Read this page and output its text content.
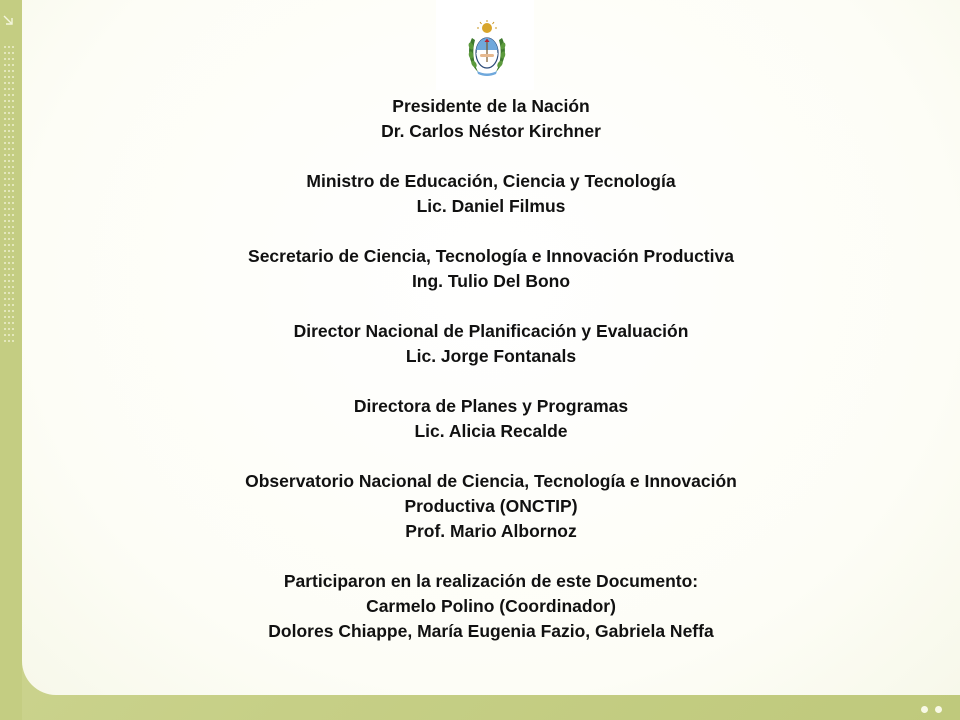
Presidente de la Nación
Dr. Carlos Néstor Kirchner
Ministro de Educación, Ciencia y Tecnología
Lic. Daniel Filmus
Secretario de Ciencia, Tecnología e Innovación Productiva
Ing. Tulio Del Bono
Director Nacional de Planificación y Evaluación
Lic. Jorge Fontanals
Directora de Planes y Programas
Lic. Alicia Recalde
Observatorio Nacional de Ciencia, Tecnología e Innovación
Productiva (ONCTIP)
Prof. Mario Albornoz
Participaron en la realización de este Documento:
Carmelo Polino (Coordinador)
Dolores Chiappe, María Eugenia Fazio, Gabriela Neffa
